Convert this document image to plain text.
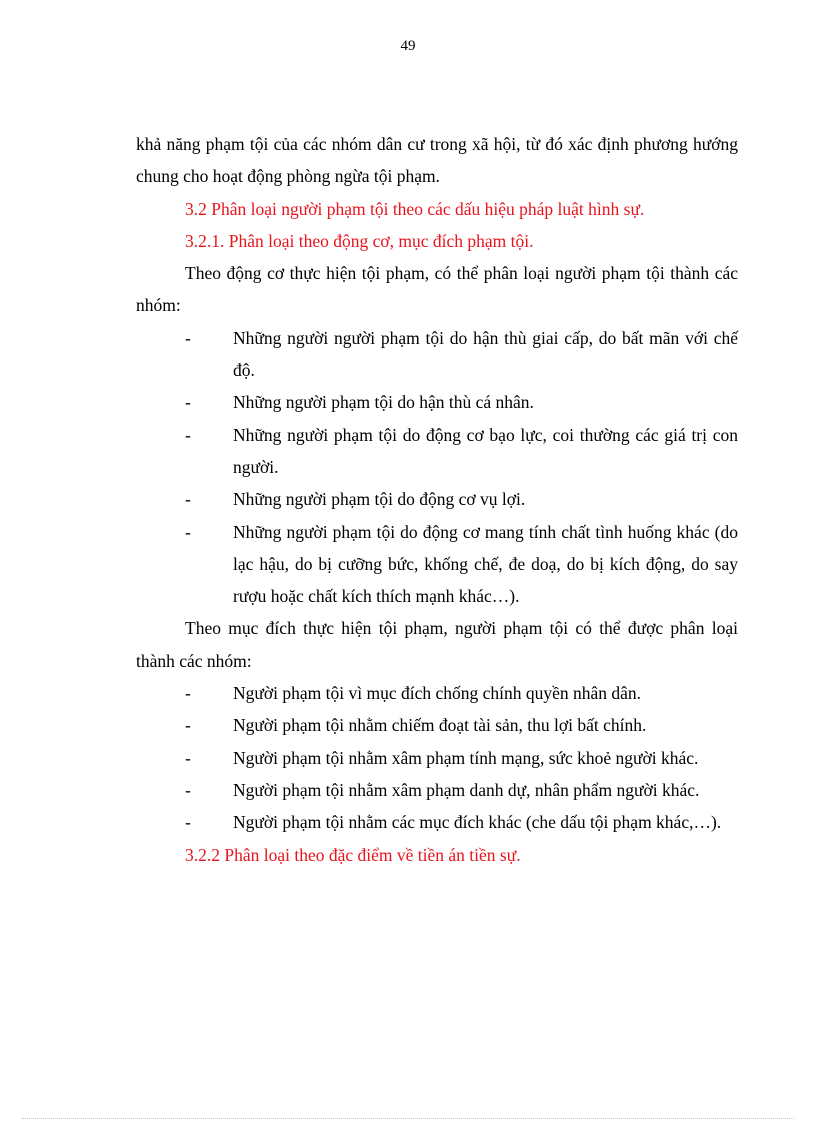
49

khả năng phạm tội của các nhóm dân cư trong xã hội, từ đó xác định phương hướng chung cho hoạt động phòng ngừa tội phạm.

3.2 Phân loại người phạm tội theo các dấu hiệu pháp luật hình sự.

3.2.1. Phân loại theo động cơ, mục đích phạm tội.

Theo động cơ thực hiện tội phạm, có thể phân loại người phạm tội thành các nhóm:

- Những người người phạm tội do hận thù giai cấp, do bất mãn với chế độ.

- Những người phạm tội do hận thù cá nhân.

- Những người phạm tội do động cơ bạo lực, coi thường các giá trị con người.

- Những người phạm tội do động cơ vụ lợi.

- Những người phạm tội do động cơ mang tính chất tình huống khác (do lạc hậu, do bị cưỡng bức, khống chế, đe doạ, do bị kích động, do say rượu hoặc chất kích thích mạnh khác…).

Theo mục đích thực hiện tội phạm, người phạm tội có thể được phân loại thành các nhóm:

- Người phạm tội vì mục đích chống chính quyền nhân dân.

- Người phạm tội nhằm chiếm đoạt tài sản, thu lợi bất chính.

- Người phạm tội nhằm xâm phạm tính mạng, sức khoẻ người khác.

- Người phạm tội nhằm xâm phạm danh dự, nhân phẩm người khác.

- Người phạm tội nhằm các mục đích khác (che dấu tội phạm khác,…).

3.2.2 Phân loại theo đặc điểm về tiền án tiền sự.
